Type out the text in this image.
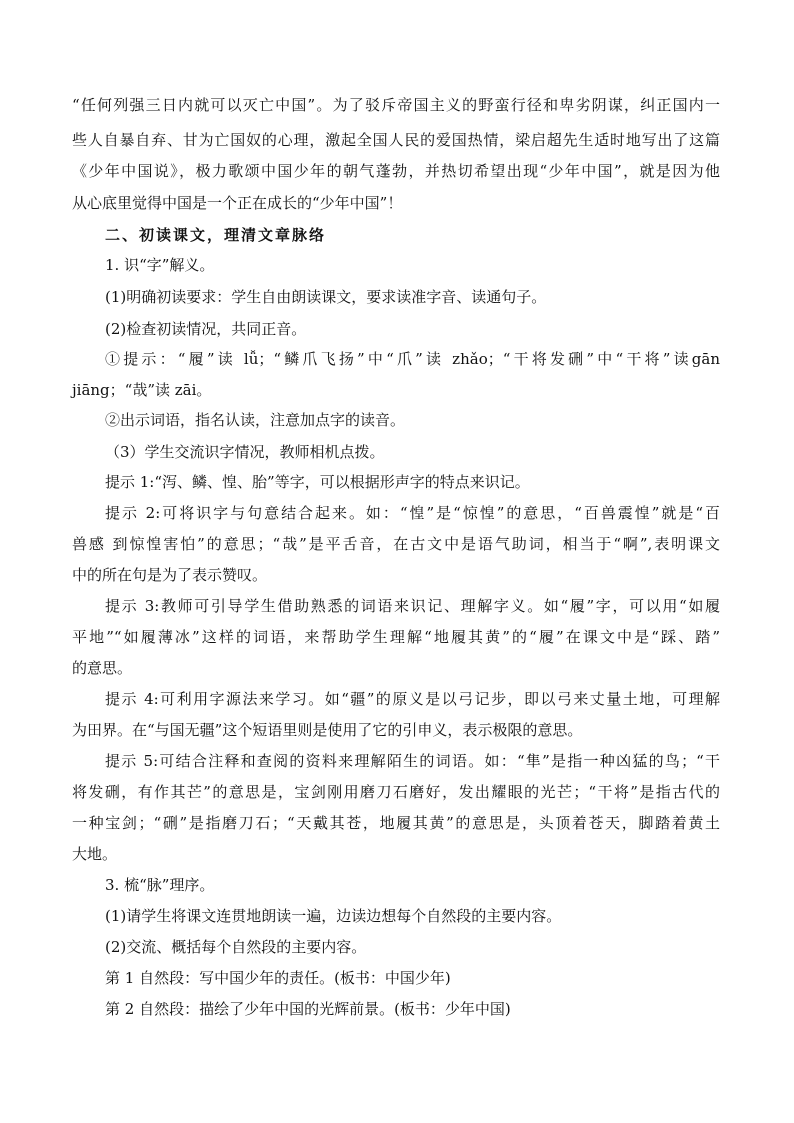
“任何列强三日内就可以灭亡中国”。为了驳斥帝国主义的野蛮行径和卑劣阴谋，纠正国内一
些人自暴自弃、甘为亡国奴的心理，激起全国人民的爱国热情，梁启超先生适时地写出了这篇
《少年中国说》，极力歌颂中国少年的朝气蓬勃，并热切希望出现“少年中国”，就是因为他
从心底里觉得中国是一个正在成长的“少年中国”！
二、初读课文，理清文章脉络
1. 识“字”解义。
(1)明确初读要求：学生自由朗读课文，要求读准字音、读通句子。
(2)检查初读情况，共同正音。
①提示：“履”读 lǚ；“鳞爪飞扬”中“爪”读 zhǎo；“干将发硎”中“干将”读gān
jiāng；“哉”读 zāi。
②出示词语，指名认读，注意加点字的读音。
（3）学生交流识字情况，教师相机点拨。
提示 1:“泻、鳞、惶、胎”等字，可以根据形声字的特点来识记。
提示 2:可将识字与句意结合起来。如：“惶”是“惊惶”的意思，“百兽震惶”就是“百
兽感 到惊惶害怕”的意思；“哉”是平舌音，在古文中是语气助词，相当于“啊”,表明课文
中的所在句是为了表示赞叹。
提示 3:教师可引导学生借助熟悉的词语来识记、理解字义。如“履”字，可以用“如履
平地”“如履薄冰”这样的词语，来帮助学生理解“地履其黄”的“履”在课文中是“踩、踏”
的意思。
提示 4:可利用字源法来学习。如“疆”的原义是以弓记步，即以弓来丈量土地，可理解
为田界。在“与国无疆”这个短语里则是使用了它的引申义，表示极限的意思。
提示 5:可结合注释和查阅的资料来理解陌生的词语。如：“隼”是指一种凶猛的鸟；“干
将发硎，有作其芒”的意思是，宝剑刚用磨刀石磨好，发出耀眼的光芒；“干将”是指古代的
一种宝剑；“硎”是指磨刀石；“天戴其苍，地履其黄”的意思是，头顶着苍天，脚踏着黄土
大地。
3. 梳“脉”理序。
(1)请学生将课文连贯地朗读一遍，边读边想每个自然段的主要内容。
(2)交流、概括每个自然段的主要内容。
第 1 自然段：写中国少年的责任。(板书：中国少年)
第 2 自然段：描绘了少年中国的光辉前景。(板书：少年中国)
